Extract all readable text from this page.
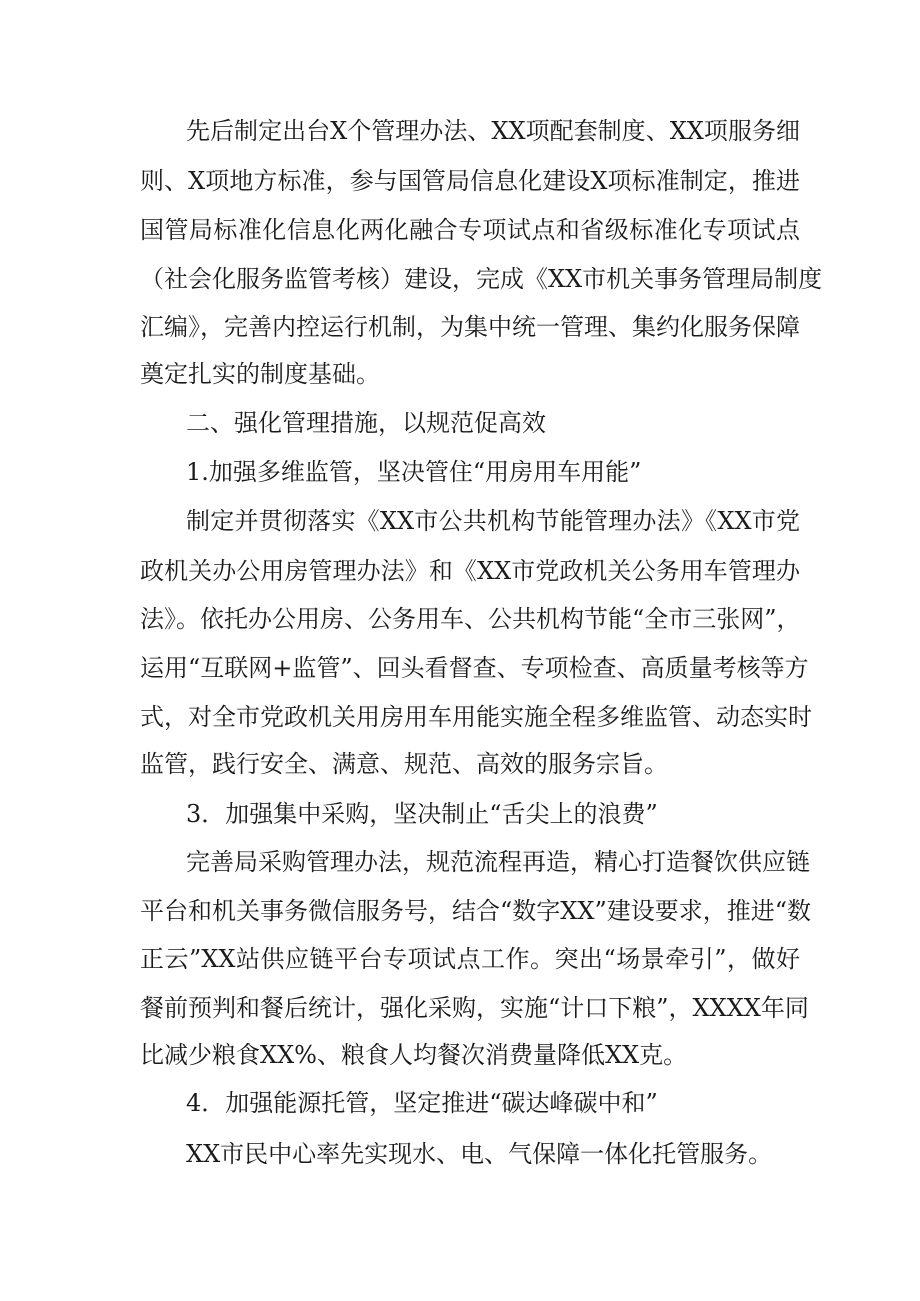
先后制定出台X个管理办法、XX项配套制度、XX项服务细
则、X项地方标准，参与国管局信息化建设X项标准制定，推进
国管局标准化信息化两化融合专项试点和省级标准化专项试点
（社会化服务监管考核）建设，完成《XX市机关事务管理局制度
汇编》，完善内控运行机制，为集中统一管理、集约化服务保障
奠定扎实的制度基础。
二、强化管理措施，以规范促高效
1.加强多维监管，坚决管住“用房用车用能”
制定并贯彻落实《XX市公共机构节能管理办法》《XX市党
政机关办公用房管理办法》和《XX市党政机关公务用车管理办
法》。依托办公用房、公务用车、公共机构节能“全市三张网”，
运用“互联网+监管”、回头看督查、专项检查、高质量考核等方
式，对全市党政机关用房用车用能实施全程多维监管、动态实时
监管，践行安全、满意、规范、高效的服务宗旨。
3．加强集中采购，坚决制止“舌尖上的浪费”
完善局采购管理办法，规范流程再造，精心打造餐饮供应链
平台和机关事务微信服务号，结合“数字XX”建设要求，推进“数
正云”XX站供应链平台专项试点工作。突出“场景牵引”，做好
餐前预判和餐后统计，强化采购，实施“计口下粮”，XXXX年同
比减少粮食XX%、粮食人均餐次消费量降低XX克。
4．加强能源托管，坚定推进“碳达峰碳中和”
XX市民中心率先实现水、电、气保障一体化托管服务。
